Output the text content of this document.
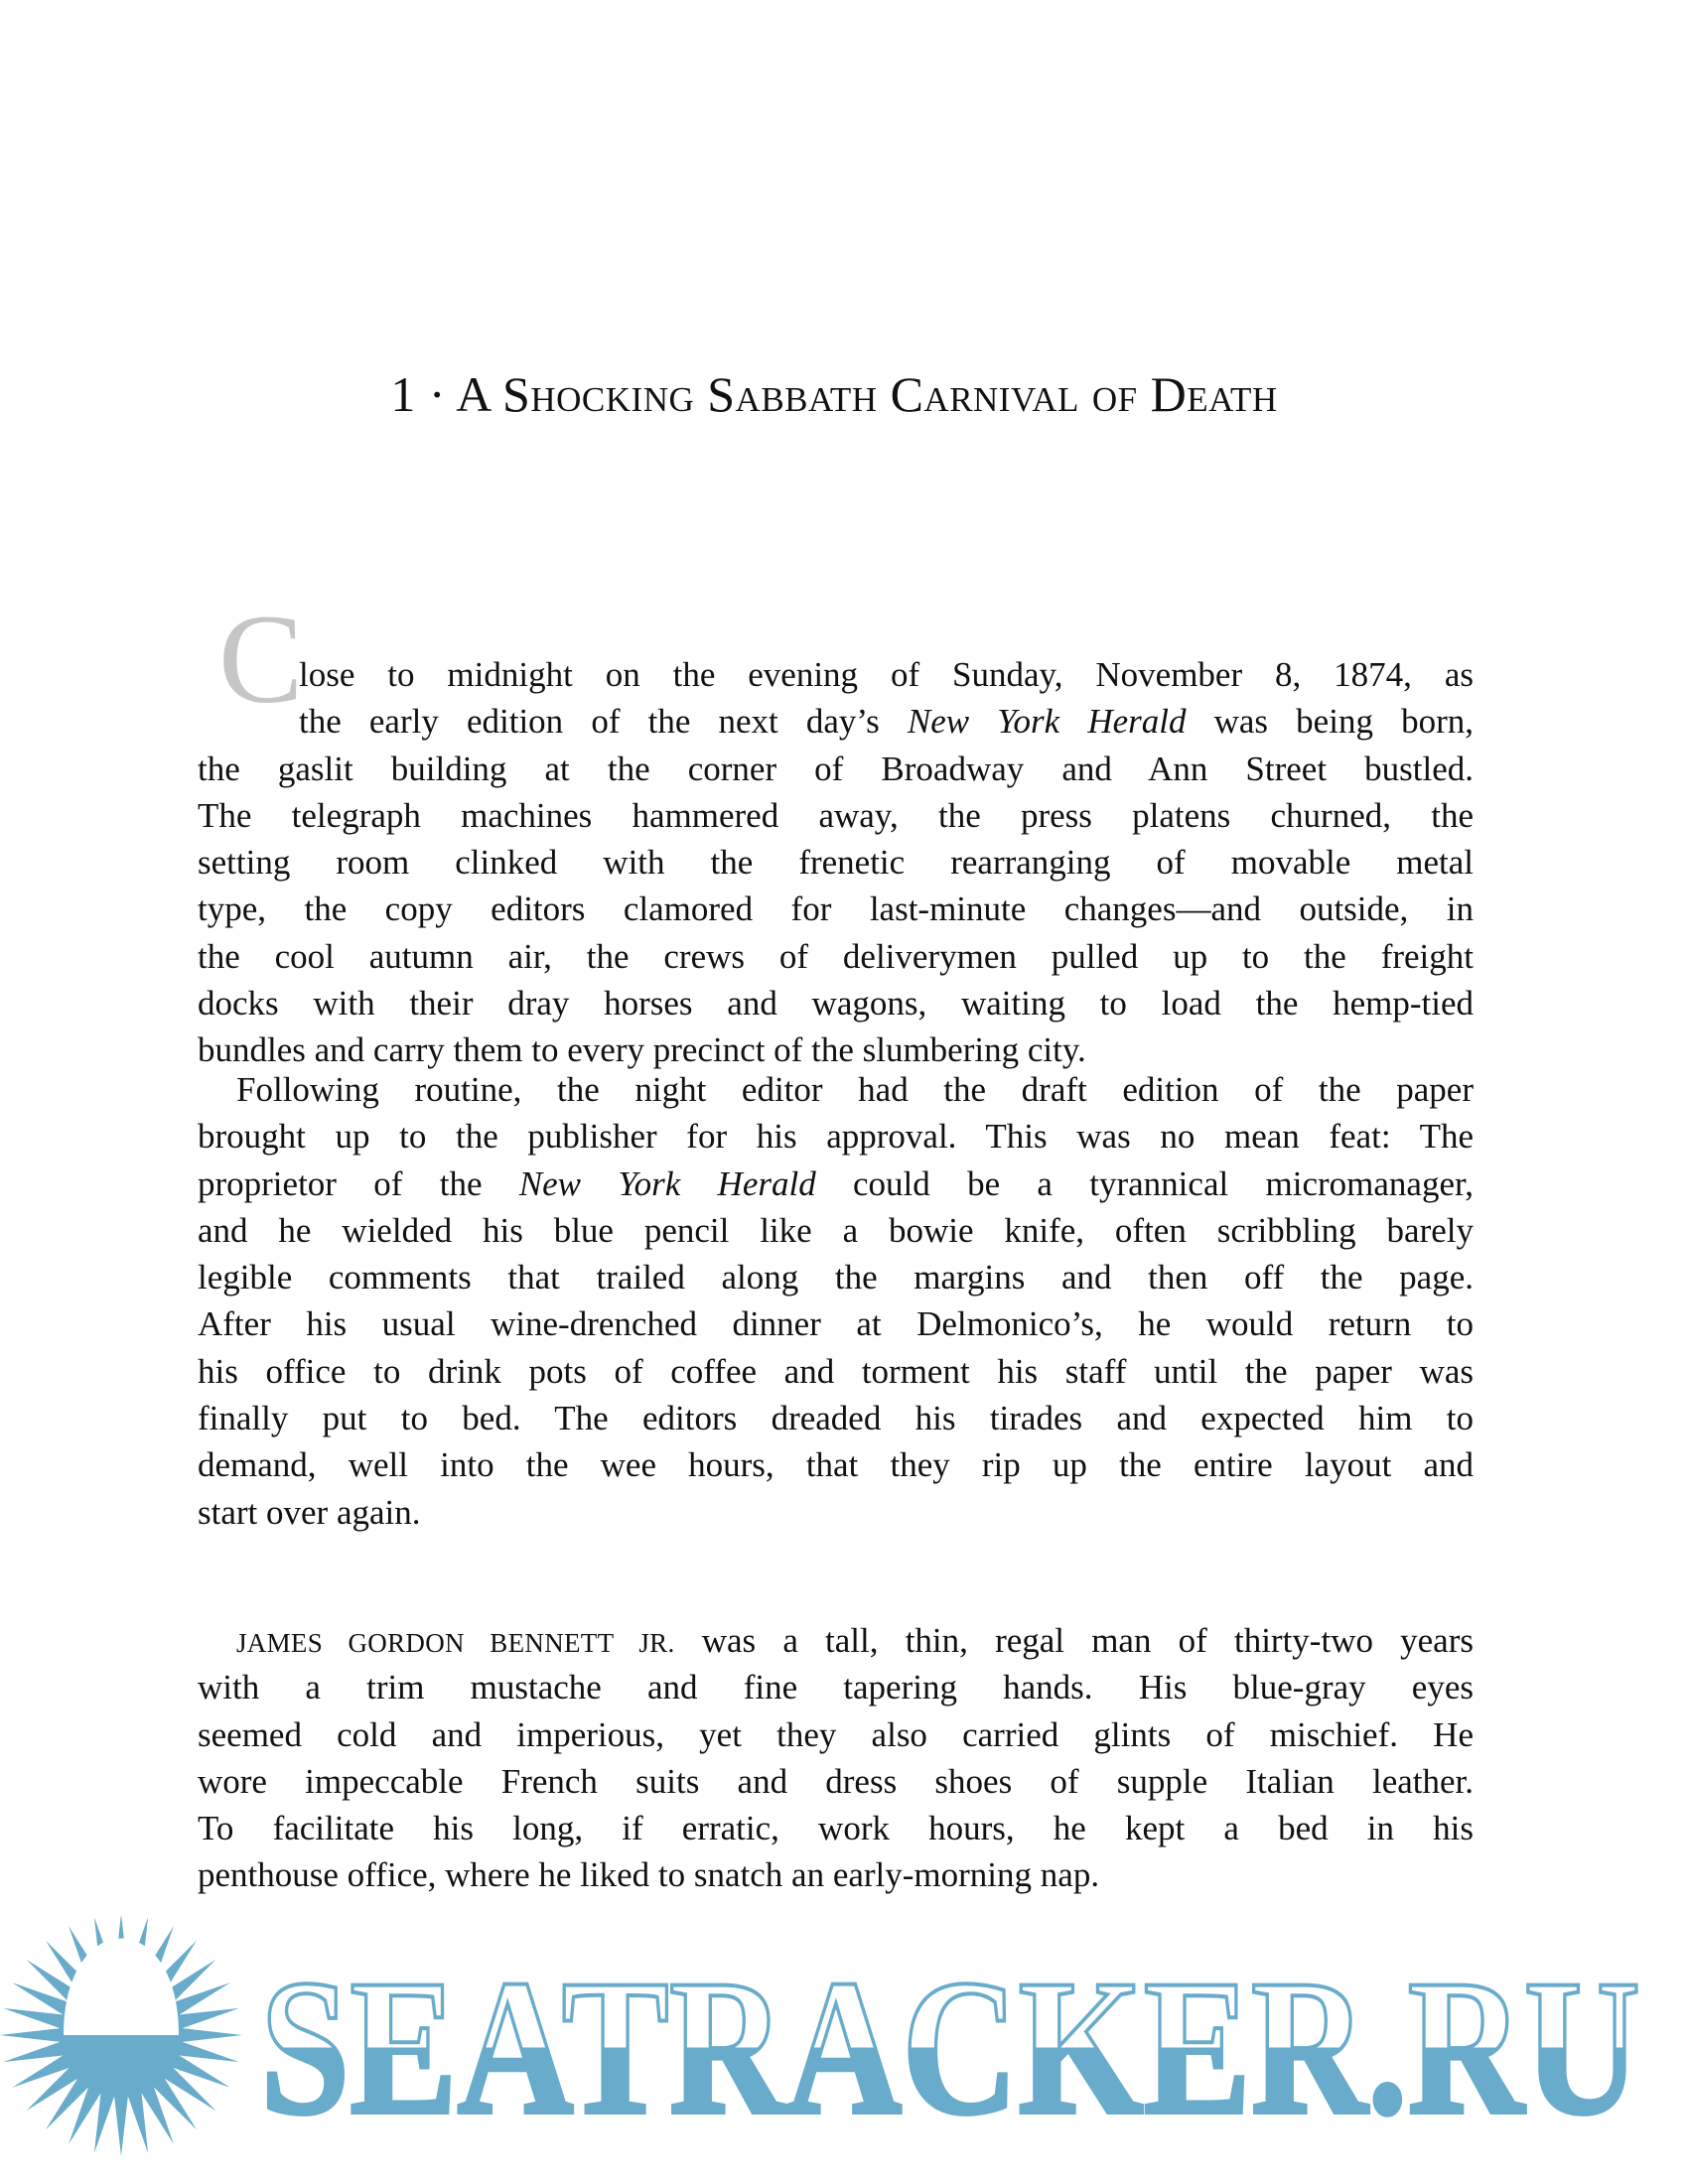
1 · A Shocking Sabbath Carnival of Death
C
lose to midnight on the evening of Sunday, November 8, 1874, as
the early edition of the next day’s New York Herald was being born,
the gaslit building at the corner of Broadway and Ann Street bustled.
The telegraph machines hammered away, the press platens churned, the
setting room clinked with the frenetic rearranging of movable metal
type, the copy editors clamored for last-minute changes—and outside, in
the cool autumn air, the crews of deliverymen pulled up to the freight
docks with their dray horses and wagons, waiting to load the hemp-tied
bundles and carry them to every precinct of the slumbering city.
Following routine, the night editor had the draft edition of the paper
brought up to the publisher for his approval. This was no mean feat: The
proprietor of the New York Herald could be a tyrannical micromanager,
and he wielded his blue pencil like a bowie knife, often scribbling barely
legible comments that trailed along the margins and then off the page.
After his usual wine-drenched dinner at Delmonico’s, he would return to
his office to drink pots of coffee and torment his staff until the paper was
finally put to bed. The editors dreaded his tirades and expected him to
demand, well into the wee hours, that they rip up the entire layout and
start over again.
JAMES GORDON BENNETT JR. was a tall, thin, regal man of thirty-two years
with a trim mustache and fine tapering hands. His blue-gray eyes
seemed cold and imperious, yet they also carried glints of mischief. He
wore impeccable French suits and dress shoes of supple Italian leather.
To facilitate his long, if erratic, work hours, he kept a bed in his
penthouse office, where he liked to snatch an early-morning nap.
SEATRACKER.RU
